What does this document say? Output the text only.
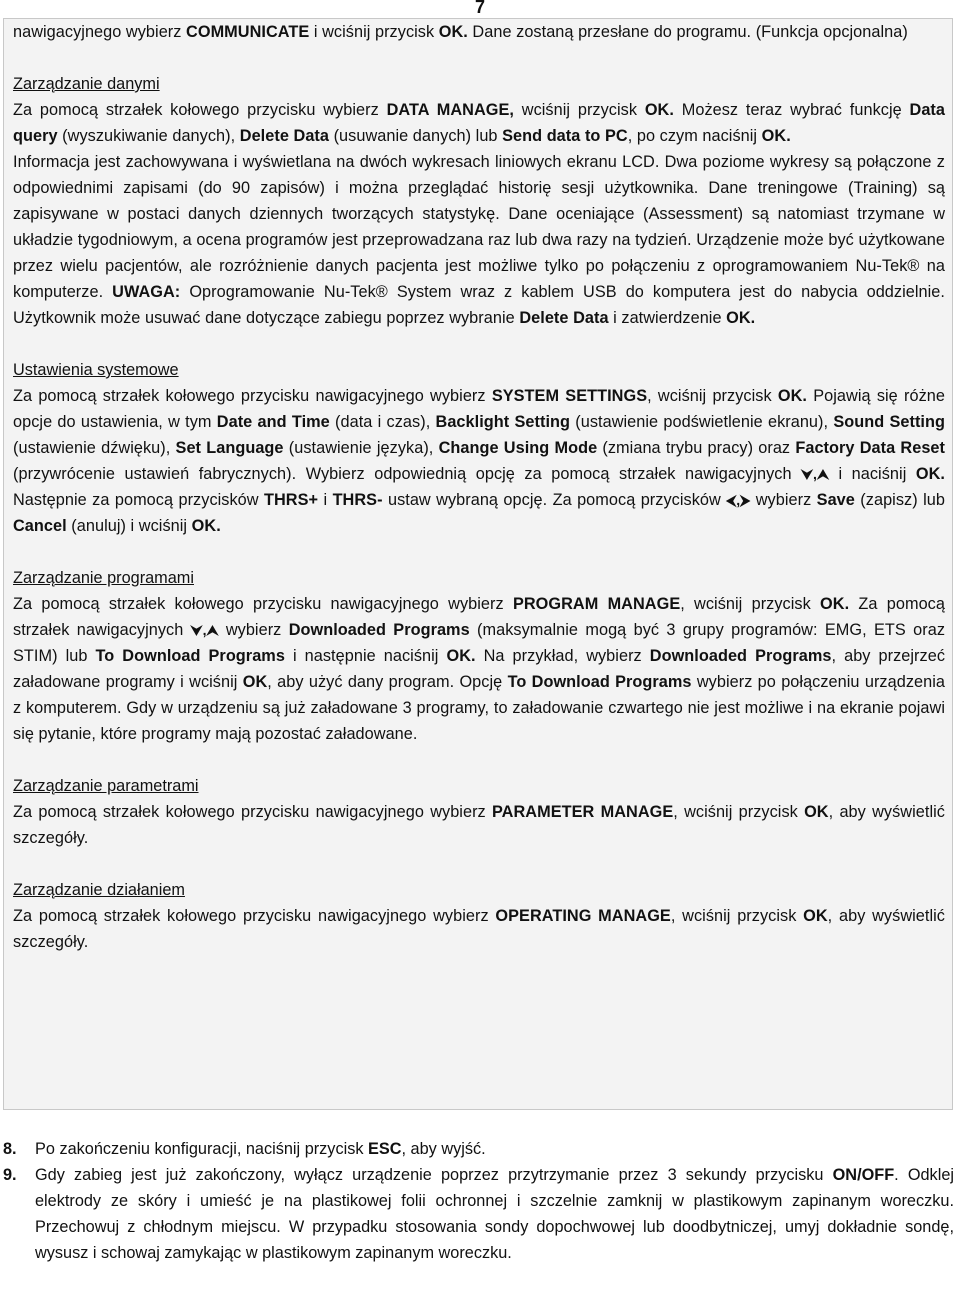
7

nawigacyjnego wybierz COMMUNICATE i wciśnij przycisk OK. Dane zostaną przesłane do programu. (Funkcja opcjonalna)

Zarządzanie danymi

Za pomocą strzałek kołowego przycisku wybierz DATA MANAGE, wciśnij przycisk OK. Możesz teraz wybrać funkcję Data query (wyszukiwanie danych), Delete Data (usuwanie danych) lub Send data to PC, po czym naciśnij OK.

Informacja jest zachowywana i wyświetlana na dwóch wykresach liniowych ekranu LCD. Dwa poziome wykresy są połączone z odpowiednimi zapisami (do 90 zapisów) i można przeglądać historię sesji użytkownika. Dane treningowe (Training) są zapisywane w postaci danych dziennych tworzących statystykę. Dane oceniające (Assessment) są natomiast trzymane w układzie tygodniowym, a ocena programów jest przeprowadzana raz lub dwa razy na tydzień. Urządzenie może być użytkowane przez wielu pacjentów, ale rozróżnienie danych pacjenta jest możliwe tylko po połączeniu z oprogramowaniem Nu-Tek® na komputerze. UWAGA: Oprogramowanie Nu-Tek® System wraz z kablem USB do komputera jest do nabycia oddzielnie. Użytkownik może usuwać dane dotyczące zabiegu poprzez wybranie Delete Data i zatwierdzenie OK.

Ustawienia systemowe

Za pomocą strzałek kołowego przycisku nawigacyjnego wybierz SYSTEM SETTINGS, wciśnij przycisk OK. Pojawią się różne opcje do ustawienia, w tym Date and Time (data i czas), Backlight Setting (ustawienie podświetlenie ekranu), Sound Setting (ustawienie dźwięku), Set Language (ustawienie języka), Change Using Mode (zmiana trybu pracy) oraz Factory Data Reset (przywrócenie ustawień fabrycznych). Wybierz odpowiednią opcję za pomocą strzałek nawigacyjnych ⮟,⮝ i naciśnij OK. Następnie za pomocą przycisków THRS+ i THRS- ustaw wybraną opcję. Za pomocą przycisków ⮜,⮞ wybierz Save (zapisz) lub Cancel (anuluj) i wciśnij OK.

Zarządzanie programami

Za pomocą strzałek kołowego przycisku nawigacyjnego wybierz PROGRAM MANAGE, wciśnij przycisk OK. Za pomocą strzałek nawigacyjnych ⮟,⮝ wybierz Downloaded Programs (maksymalnie mogą być 3 grupy programów: EMG, ETS oraz STIM) lub To Download Programs i następnie naciśnij OK. Na przykład, wybierz Downloaded Programs, aby przejrzeć załadowane programy i wciśnij OK, aby użyć dany program. Opcję To Download Programs wybierz po połączeniu urządzenia z komputerem. Gdy w urządzeniu są już załadowane 3 programy, to załadowanie czwartego nie jest możliwe i na ekranie pojawi się pytanie, które programy mają pozostać załadowane.

Zarządzanie parametrami

Za pomocą strzałek kołowego przycisku nawigacyjnego wybierz PARAMETER MANAGE, wciśnij przycisk OK, aby wyświetlić szczegóły.

Zarządzanie działaniem

Za pomocą strzałek kołowego przycisku nawigacyjnego wybierz OPERATING MANAGE, wciśnij przycisk OK, aby wyświetlić szczegóły.

8. Po zakończeniu konfiguracji, naciśnij przycisk ESC, aby wyjść.
9. Gdy zabieg jest już zakończony, wyłącz urządzenie poprzez przytrzymanie przez 3 sekundy przycisku ON/OFF. Odklej elektrody ze skóry i umieść je na plastikowej folii ochronnej i szczelnie zamknij w plastikowym zapinanym woreczku. Przechowuj z chłodnym miejscu. W przypadku stosowania sondy dopochwowej lub doodbytniczej, umyj dokładnie sondę, wysusz i schowaj zamykając w plastikowym zapinanym woreczku.
